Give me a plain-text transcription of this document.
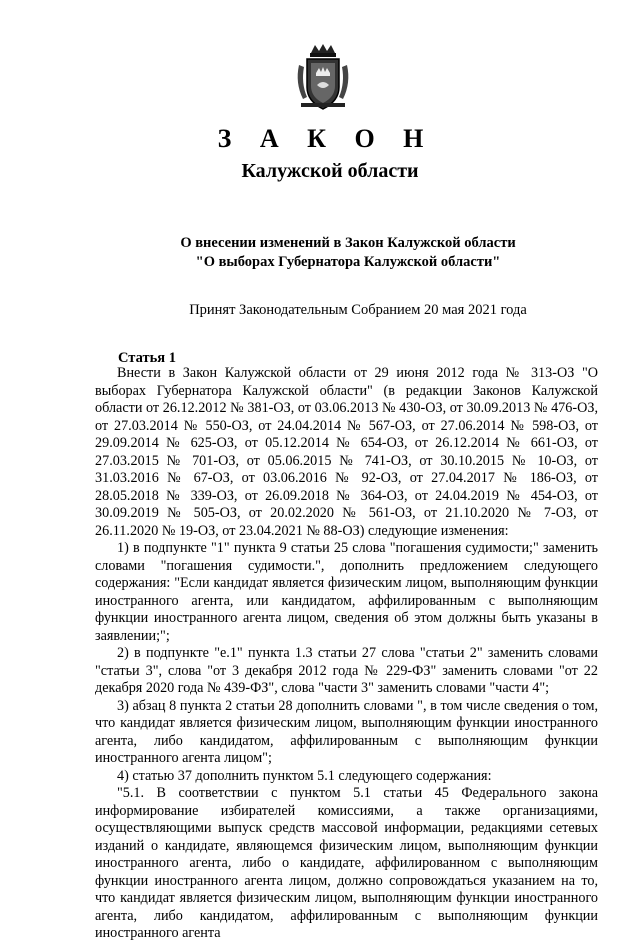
З А К О Н
Калужской области
О внесении изменений в Закон Калужской области
"О выборах Губернатора Калужской области"
Принят Законодательным Собранием 20 мая 2021 года
Статья 1

Внести в Закон Калужской области от 29 июня 2012 года № 313-ОЗ "О выборах Губернатора Калужской области" (в редакции Законов Калужской области от 26.12.2012 № 381-ОЗ, от 03.06.2013 № 430-ОЗ, от 30.09.2013 № 476-ОЗ, от 27.03.2014 № 550-ОЗ, от 24.04.2014 № 567-ОЗ, от 27.06.2014 № 598-ОЗ, от 29.09.2014 № 625-ОЗ, от 05.12.2014 № 654-ОЗ, от 26.12.2014 № 661-ОЗ, от 27.03.2015 № 701-ОЗ, от 05.06.2015 № 741-ОЗ, от 30.10.2015 № 10-ОЗ, от 31.03.2016 № 67-ОЗ, от 03.06.2016 № 92-ОЗ, от 27.04.2017 № 186-ОЗ, от 28.05.2018 № 339-ОЗ, от 26.09.2018 № 364-ОЗ, от 24.04.2019 № 454-ОЗ, от 30.09.2019 № 505-ОЗ, от 20.02.2020 № 561-ОЗ, от 21.10.2020 № 7-ОЗ, от 26.11.2020 № 19-ОЗ, от 23.04.2021 № 88-ОЗ) следующие изменения:

1) в подпункте "1" пункта 9 статьи 25 слова "погашения судимости;" заменить словами "погашения судимости.", дополнить предложением следующего содержания: "Если кандидат является физическим лицом, выполняющим функции иностранного агента, или кандидатом, аффилированным с выполняющим функции иностранного агента лицом, сведения об этом должны быть указаны в заявлении;";

2) в подпункте "е.1" пункта 1.3 статьи 27 слова "статьи 2" заменить словами "статьи 3", слова "от 3 декабря 2012 года № 229-ФЗ" заменить словами "от 22 декабря 2020 года № 439-ФЗ", слова "части 3" заменить словами "части 4";

3) абзац 8 пункта 2 статьи 28 дополнить словами ", в том числе сведения о том, что кандидат является физическим лицом, выполняющим функции иностранного агента, либо кандидатом, аффилированным с выполняющим функции иностранного агента лицом";

4) статью 37 дополнить пунктом 5.1 следующего содержания:

"5.1. В соответствии с пунктом 5.1 статьи 45 Федерального закона информирование избирателей комиссиями, а также организациями, осуществляющими выпуск средств массовой информации, редакциями сетевых изданий о кандидате, являющемся физическим лицом, выполняющим функции иностранного агента, либо о кандидате, аффилированном с выполняющим функции иностранного агента лицом, должно сопровождаться указанием на то, что кандидат является физическим лицом, выполняющим функции иностранного агента, либо кандидатом, аффилированным с выполняющим функции иностранного агента
